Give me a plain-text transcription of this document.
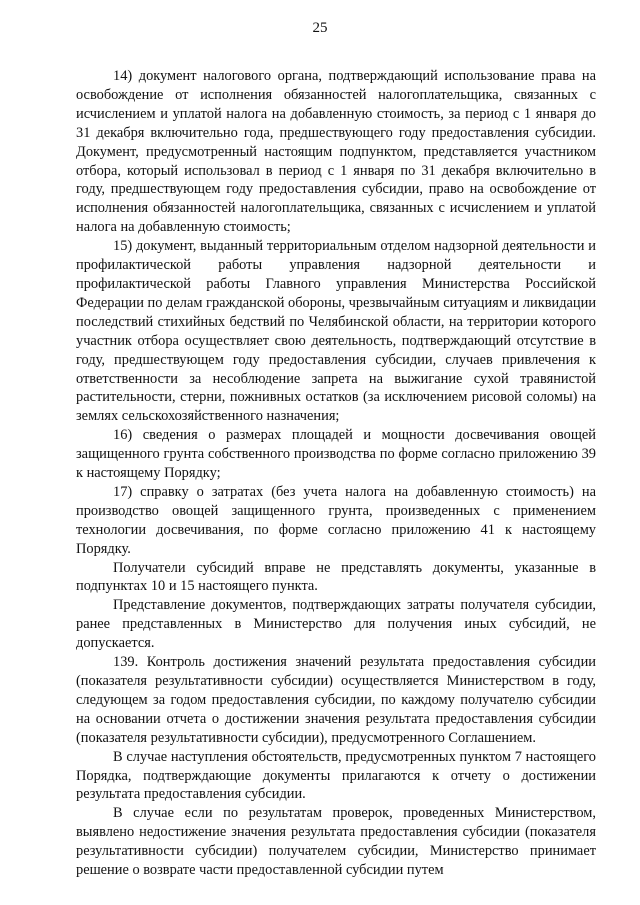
25

14) документ налогового органа, подтверждающий использование права на освобождение от исполнения обязанностей налогоплательщика, связанных с исчислением и уплатой налога на добавленную стоимость, за период с 1 января до 31 декабря включительно года, предшествующего году предоставления субсидии. Документ, предусмотренный настоящим подпунктом, представляется участником отбора, который использовал в период с 1 января по 31 декабря включительно в году, предшествующем году предоставления субсидии, право на освобождение от исполнения обязанностей налогоплательщика, связанных с исчислением и уплатой налога на добавленную стоимость;

15) документ, выданный территориальным отделом надзорной деятельности и профилактической работы управления надзорной деятельности и профилактической работы Главного управления Министерства Российской Федерации по делам гражданской обороны, чрезвычайным ситуациям и ликвидации последствий стихийных бедствий по Челябинской области, на территории которого участник отбора осуществляет свою деятельность, подтверждающий отсутствие в году, предшествующем году предоставления субсидии, случаев привлечения к ответственности за несоблюдение запрета на выжигание сухой травянистой растительности, стерни, пожнивных остатков (за исключением рисовой соломы) на землях сельскохозяйственного назначения;

16) сведения о размерах площадей и мощности досвечивания овощей защищенного грунта собственного производства по форме согласно приложению 39 к настоящему Порядку;

17) справку о затратах (без учета налога на добавленную стоимость) на производство овощей защищенного грунта, произведенных с применением технологии досвечивания, по форме согласно приложению 41 к настоящему Порядку.

Получатели субсидий вправе не представлять документы, указанные в подпунктах 10 и 15 настоящего пункта.

Представление документов, подтверждающих затраты получателя субсидии, ранее представленных в Министерство для получения иных субсидий, не допускается.

139. Контроль достижения значений результата предоставления субсидии (показателя результативности субсидии) осуществляется Министерством в году, следующем за годом предоставления субсидии, по каждому получателю субсидии на основании отчета о достижении значения результата предоставления субсидии (показателя результативности субсидии), предусмотренного Соглашением.

В случае наступления обстоятельств, предусмотренных пунктом 7 настоящего Порядка, подтверждающие документы прилагаются к отчету о достижении результата предоставления субсидии.

В случае если по результатам проверок, проведенных Министерством, выявлено недостижение значения результата предоставления субсидии (показателя результативности субсидии) получателем субсидии, Министерство принимает решение о возврате части предоставленной субсидии путем
